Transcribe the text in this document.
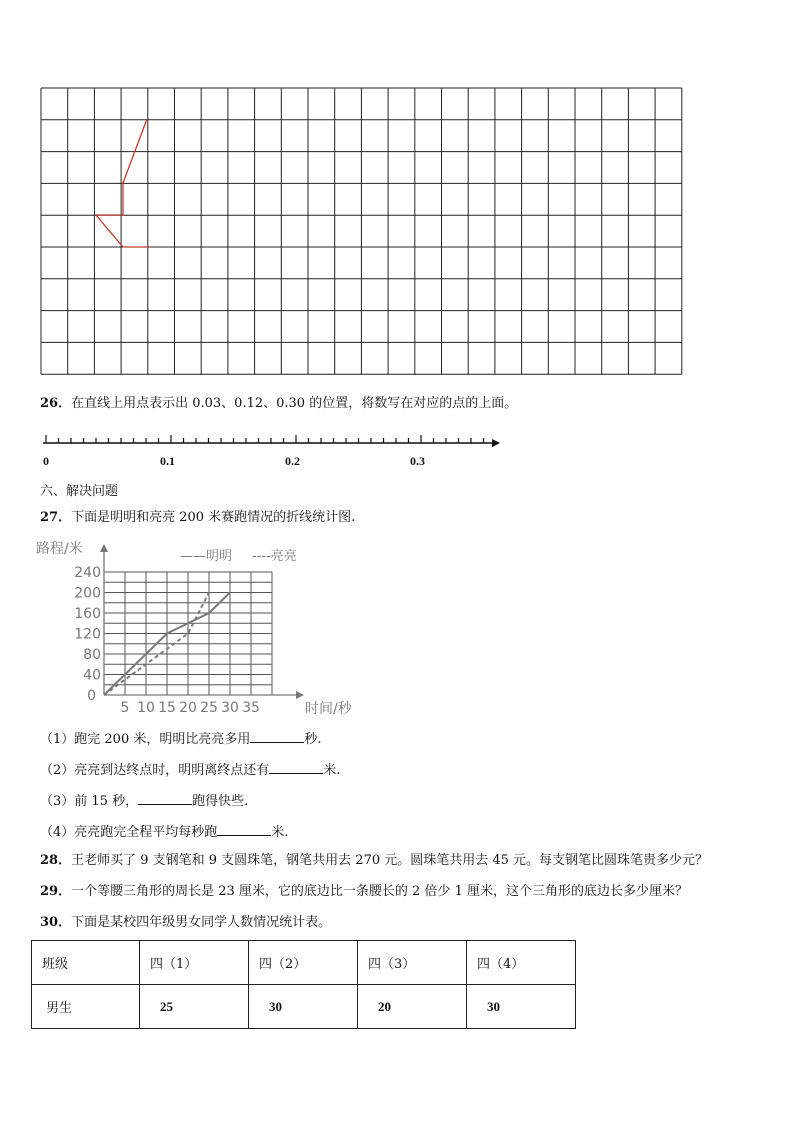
26．在直线上用点表示出 0.03、0.12、0.30 的位置，将数写在对应的点的上面。
0	0.1	0.2	0.3
六、解决问题
27．下面是明明和亮亮 200 米赛跑情况的折线统计图.
40
80
120
160
200
240
0
5 10 15 20 25 30 35
路程/米
时间/秒
——明明 ----亮亮
（1）跑完 200 米，明明比亮亮多用	秒.
（2）亮亮到达终点时，明明离终点还有	米.
（3）前 15 秒，	跑得快些.
（4）亮亮跑完全程平均每秒跑	米.
28．王老师买了 9 支钢笔和 9 支圆珠笔，钢笔共用去 270 元。圆珠笔共用去 45 元。每支钢笔比圆珠笔贵多少元？
29．一个等腰三角形的周长是 23 厘米，它的底边比一条腰长的 2 倍少 1 厘米，这个三角形的底边长多少厘米？
30．下面是某校四年级男女同学人数情况统计表。
班级	四（1）	四（2）	四（3）	四（4）
男生	25	30	20	30
